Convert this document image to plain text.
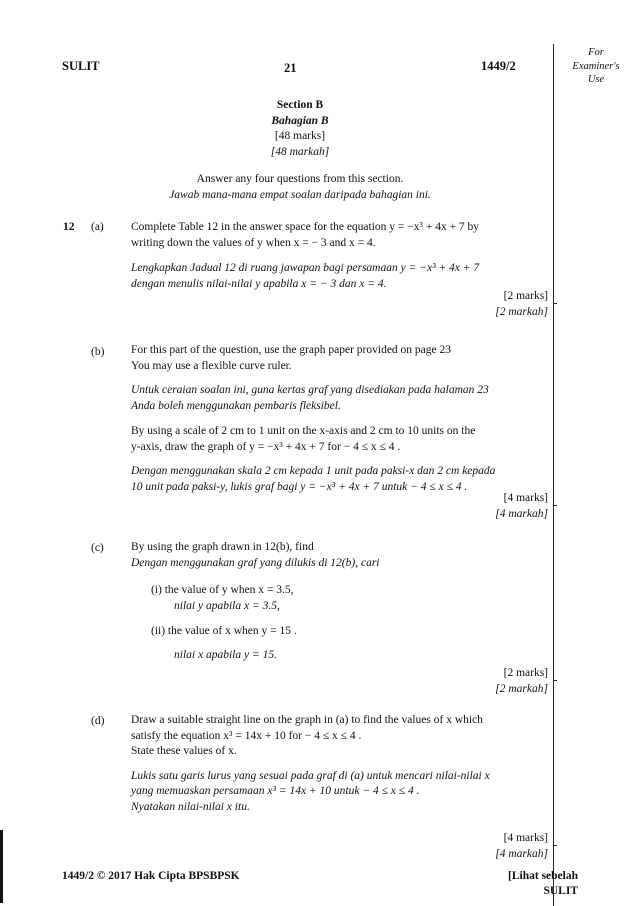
For
Examiner's
Use
SULIT	21	1449/2
Section B
Bahagian B
[48 marks]
[48 markah]
Answer any four questions from this section.
Jawab mana-mana empat soalan daripada bahagian ini.
12 (a) Complete Table 12 in the answer space for the equation y = −x³ + 4x + 7 by

writing down the values of y when x = − 3 and x = 4.

Lengkapkan Jadual 12 di ruang jawapan bagi persamaan y = −x³ + 4x + 7

dengan menulis nilai-nilai y apabila x = − 3 dan x = 4.

[2 marks]
[2 markah]
(b) For this part of the question, use the graph paper provided on page 23

You may use a flexible curve ruler.

Untuk ceraian soalan ini, guna kertas graf yang disediakan pada halaman 23

Anda boleh menggunakan pembaris fleksibel.

By using a scale of 2 cm to 1 unit on the x-axis and 2 cm to 10 units on the

y-axis, draw the graph of y = −x³ + 4x + 7 for − 4 ≤ x ≤ 4 .

Dengan menggunakan skala 2 cm kepada 1 unit pada paksi-x dan 2 cm kepada

10 unit pada paksi-y, lukis graf bagi y = −x³ + 4x + 7 untuk − 4 ≤ x ≤ 4 .

[4 marks]
[4 markah]
(c) By using the graph drawn in 12(b), find

Dengan menggunakan graf yang dilukis di 12(b), cari

(i) the value of y when x = 3.5,

nilai y apabila x = 3.5,

(ii) the value of x when y = 15 .

nilai x apabila y = 15.

[2 marks]
[2 markah]
(d) Draw a suitable straight line on the graph in (a) to find the values of x which

satisfy the equation x³ = 14x + 10 for − 4 ≤ x ≤ 4 .

State these values of x.

Lukis satu garis lurus yang sesuai pada graf di (a) untuk mencari nilai-nilai x

yang memuaskan persamaan x³ = 14x + 10 untuk − 4 ≤ x ≤ 4 .

Nyatakan nilai-nilai x itu.

[4 marks]
[4 markah]
1449/2 © 2017 Hak Cipta BPSBPSK	[Lihat sebelah
SULIT
